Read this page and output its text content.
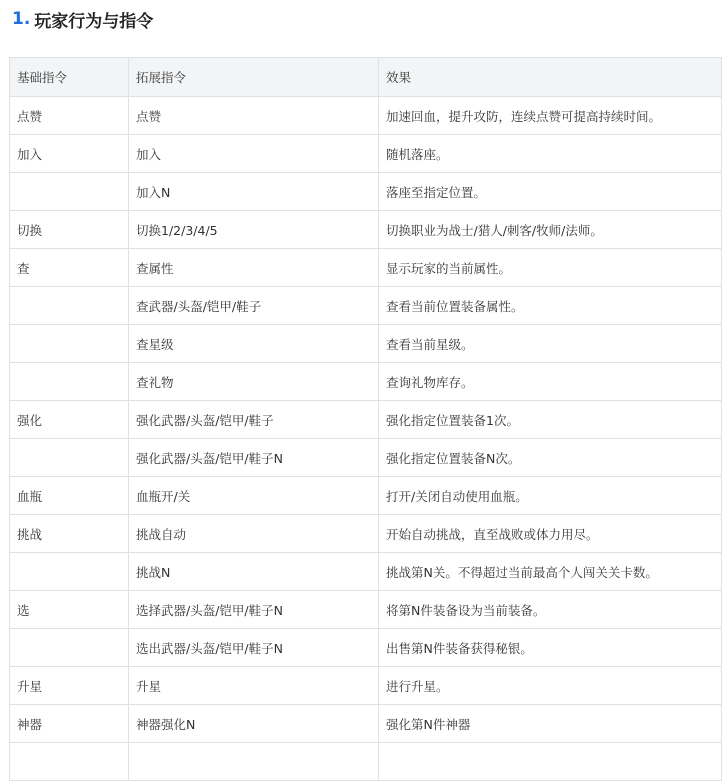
1. 玩家行为与指令
基础指令	拓展指令	效果
点赞	点赞	加速回血，提升攻防，连续点赞可提高持续时间。
加入	加入	随机落座。
	加入N	落座至指定位置。
切换	切换1/2/3/4/5	切换职业为战士/猎人/刺客/牧师/法师。
查	查属性	显示玩家的当前属性。
	查武器/头盔/铠甲/鞋子	查看当前位置装备属性。
	查星级	查看当前星级。
	查礼物	查询礼物库存。
强化	强化武器/头盔/铠甲/鞋子	强化指定位置装备1次。
	强化武器/头盔/铠甲/鞋子N	强化指定位置装备N次。
血瓶	血瓶开/关	打开/关闭自动使用血瓶。
挑战	挑战自动	开始自动挑战，直至战败或体力用尽。
	挑战N	挑战第N关。不得超过当前最高个人闯关关卡数。
选	选择武器/头盔/铠甲/鞋子N	将第N件装备设为当前装备。
	选出武器/头盔/铠甲/鞋子N	出售第N件装备获得秘银。
升星	升星	进行升星。
神器	神器强化N	强化第N件神器
